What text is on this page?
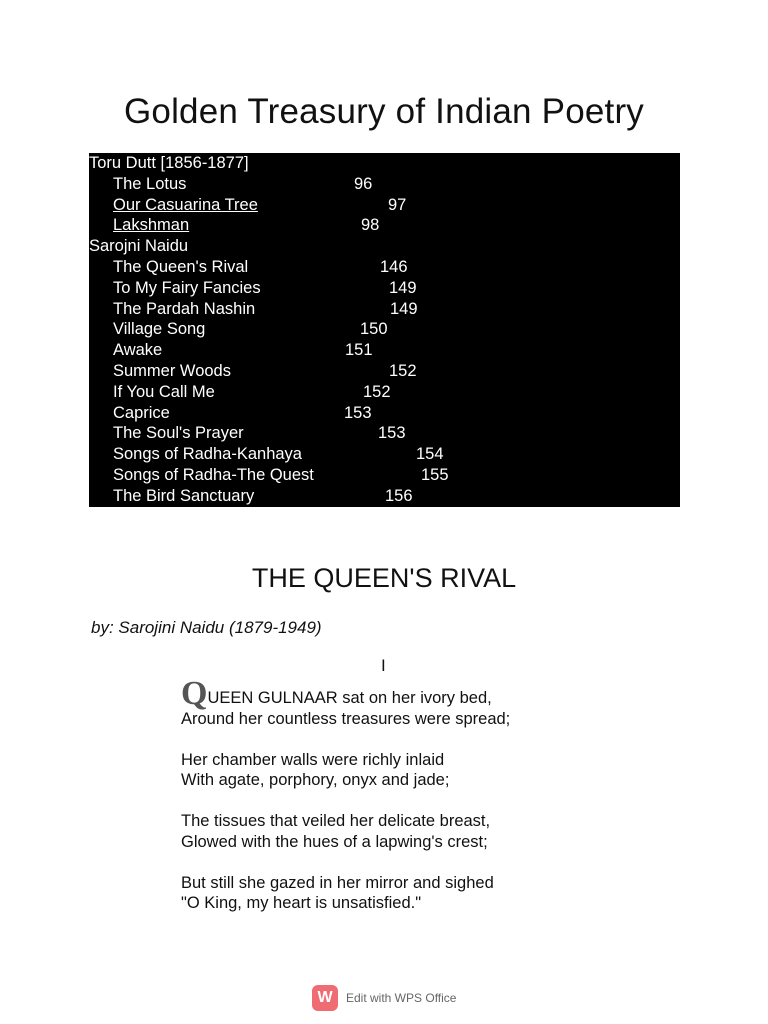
Golden Treasury of Indian Poetry
Toru Dutt [1856-1877]
The Lotus	96
Our Casuarina Tree	97
Lakshman	98
Sarojni Naidu
The Queen's Rival	146
To My Fairy Fancies	149
The Pardah Nashin	149
Village Song	150
Awake	151
Summer Woods	152
If You Call Me	152
Caprice	153
The Soul's Prayer	153
Songs of Radha-Kanhaya	154
Songs of Radha-The Quest	155
The Bird Sanctuary	156
THE QUEEN'S RIVAL
by: Sarojini Naidu (1879-1949)
I
QUEEN GULNAAR sat on her ivory bed,
Around her countless treasures were spread;
Her chamber walls were richly inlaid
With agate, porphory, onyx and jade;
The tissues that veiled her delicate breast,
Glowed with the hues of a lapwing's crest;
But still she gazed in her mirror and sighed
"O King, my heart is unsatisfied."
W	Edit with WPS Office
